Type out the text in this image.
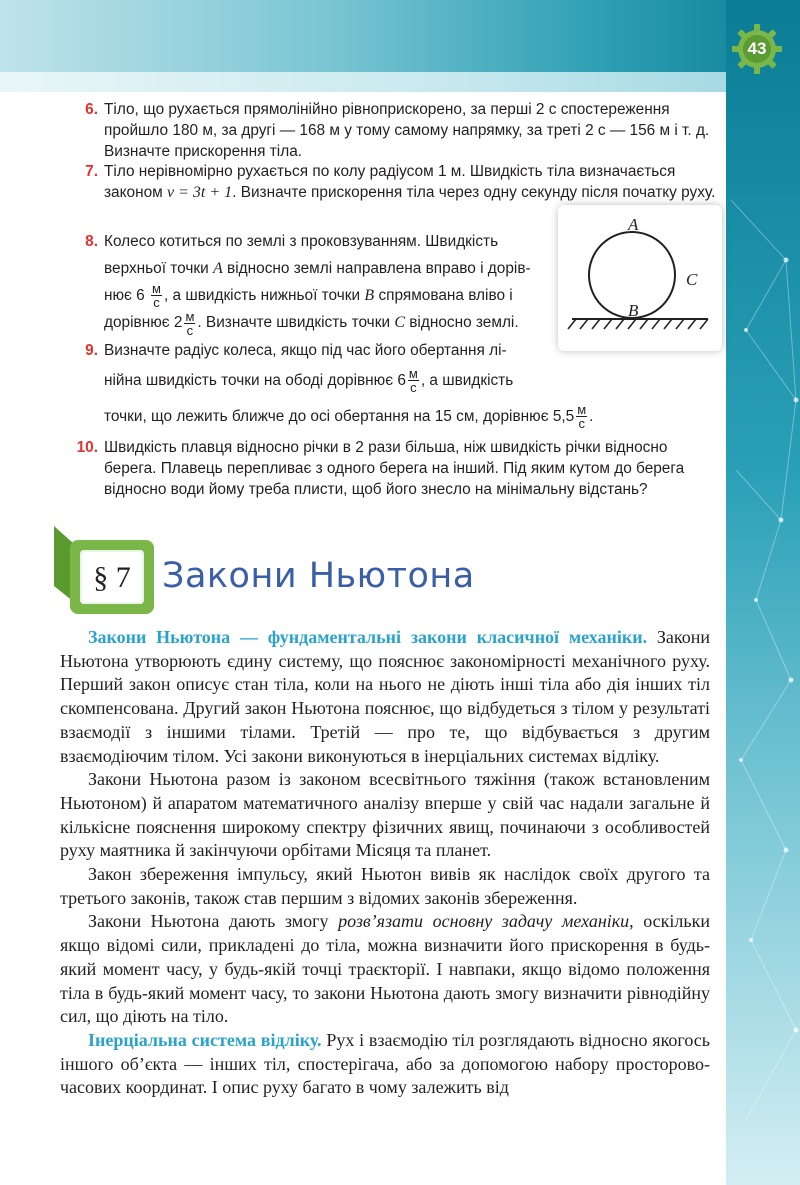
43
6. Тіло, що рухається прямолінійно рівноприскорено, за перші 2 с спостереження пройшло 180 м, за другі — 168 м у тому самому напрямку, за треті 2 с — 156 м і т. д. Визначте прискорення тіла.
7. Тіло нерівномірно рухається по колу радіусом 1 м. Швидкість тіла визначається законом v = 3t + 1. Визначте прискорення тіла через одну секунду після початку руху.
8. Колесо котиться по землі з проковзуванням. Швидкість
верхньої точки A відносно землі направлена вправо і дорів-
нює $6 \frac{м}{с}$ , а швидкість нижньої точки B спрямована вліво і
дорівнює $2 \frac{м}{с}$ . Визначте швидкість точки C відносно землі.
A
B
C
9. Визначте радіус колеса, якщо під час його обертання лі-
нійна швидкість точки на ободі дорівнює $6 \frac{м}{с}$ , а швидкість
точки, що лежить ближче до осі обертання на 15 см, дорівнює $5,5 \frac{м}{с}$ .
10. Швидкість плавця відносно річки в 2 рази більша, ніж швидкість річки відносно берега. Плавець перепливає з одного берега на інший. Під яким кутом до берега відносно води йому треба плисти, щоб його знесло на мінімальну відстань?
§ 7 Закони Ньютона

Закони Ньютона — фундаментальні закони класичної механіки. Закони Ньютона утворюють єдину систему, що пояснює закономірності механічного руху. Перший закон описує стан тіла, коли на нього не діють інші тіла або дія інших тіл скомпенсована. Другий закон Ньютона пояснює, що відбудеться з тілом у результаті взаємодії з іншими тілами. Третій — про те, що відбувається з другим взаємодіючим тілом. Усі закони виконуються в інерціальних системах відліку.

Закони Ньютона разом із законом всесвітнього тяжіння (також встановленим Ньютоном) й апаратом математичного аналізу вперше у свій час надали загальне й кількісне пояснення широкому спектру фізичних явищ, починаючи з особливостей руху маятника й закінчуючи орбітами Місяця та планет.

Закон збереження імпульсу, який Ньютон вивів як наслідок своїх другого та третього законів, також став першим з відомих законів збереження.

Закони Ньютона дають змогу розв’язати основну задачу механіки, оскільки якщо відомі сили, прикладені до тіла, можна визначити його прискорення в будь-який момент часу, у будь-якій точці траєкторії. І навпаки, якщо відомо положення тіла в будь-який момент часу, то закони Ньютона дають змогу визначити рівнодійну сил, що діють на тіло.

Інерціальна система відліку. Рух і взаємодію тіл розглядають відносно якогось іншого об’єкта — інших тіл, спостерігача, або за допомогою набору просторово-часових координат. І опис руху багато в чому залежить від
